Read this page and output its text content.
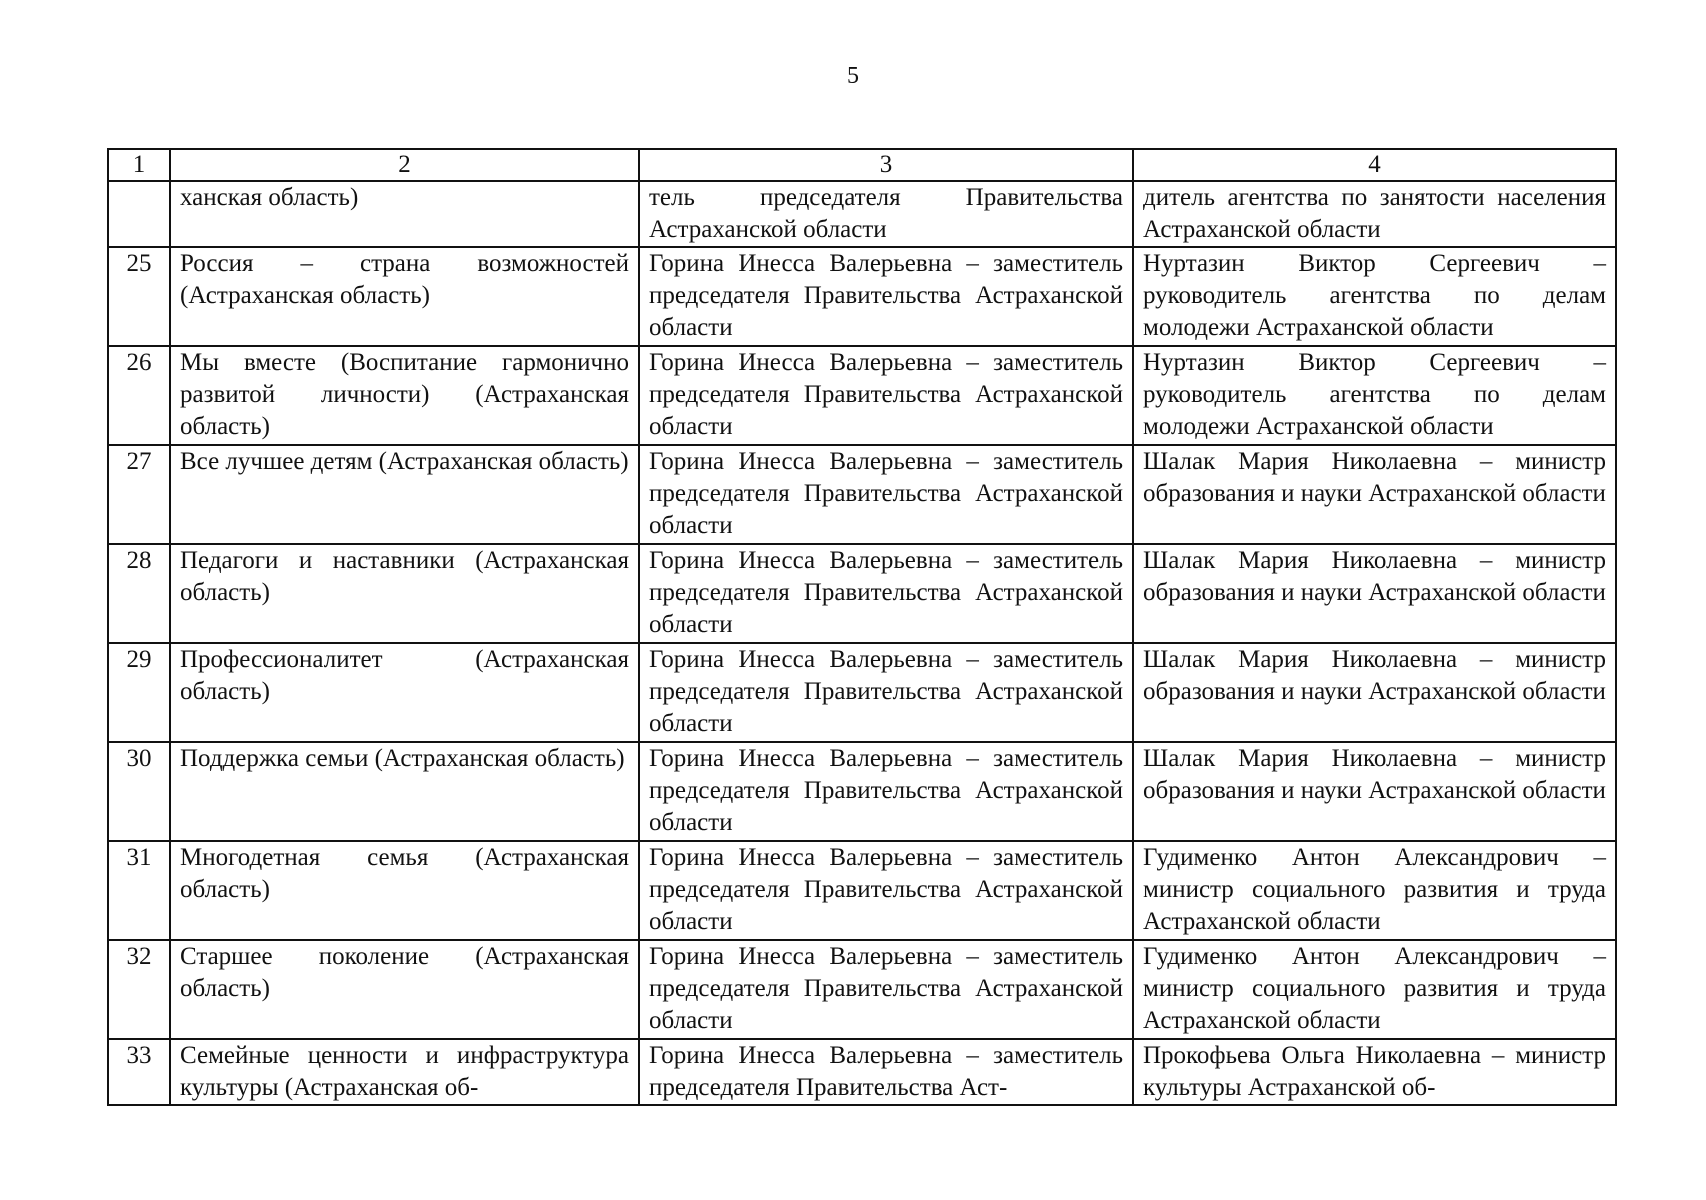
5
1	2	3	4
	ханская область)	тель председателя Правительства Астраханской области	дитель агентства по занятости населения Астраханской области
25	Россия – страна возможностей (Астраханская область)	Горина Инесса Валерьевна – заместитель председателя Правительства Астраханской области	Нуртазин Виктор Сергеевич – руководитель агентства по делам молодежи Астраханской области
26	Мы вместе (Воспитание гармонично развитой личности) (Астраханская область)	Горина Инесса Валерьевна – заместитель председателя Правительства Астраханской области	Нуртазин Виктор Сергеевич – руководитель агентства по делам молодежи Астраханской области
27	Все лучшее детям (Астраханская область)	Горина Инесса Валерьевна – заместитель председателя Правительства Астраханской области	Шалак Мария Николаевна – министр образования и науки Астраханской области
28	Педагоги и наставники (Астраханская область)	Горина Инесса Валерьевна – заместитель председателя Правительства Астраханской области	Шалак Мария Николаевна – министр образования и науки Астраханской области
29	Профессионалитет (Астраханская область)	Горина Инесса Валерьевна – заместитель председателя Правительства Астраханской области	Шалак Мария Николаевна – министр образования и науки Астраханской области
30	Поддержка семьи (Астраханская область)	Горина Инесса Валерьевна – заместитель председателя Правительства Астраханской области	Шалак Мария Николаевна – министр образования и науки Астраханской области
31	Многодетная семья (Астраханская область)	Горина Инесса Валерьевна – заместитель председателя Правительства Астраханской области	Гудименко Антон Александрович – министр социального развития и труда Астраханской области
32	Старшее поколение (Астраханская область)	Горина Инесса Валерьевна – заместитель председателя Правительства Астраханской области	Гудименко Антон Александрович – министр социального развития и труда Астраханской области
33	Семейные ценности и инфраструктура культуры (Астраханская об-	Горина Инесса Валерьевна – заместитель председателя Правительства Аст-	Прокофьева Ольга Николаевна – министр культуры Астраханской об-
